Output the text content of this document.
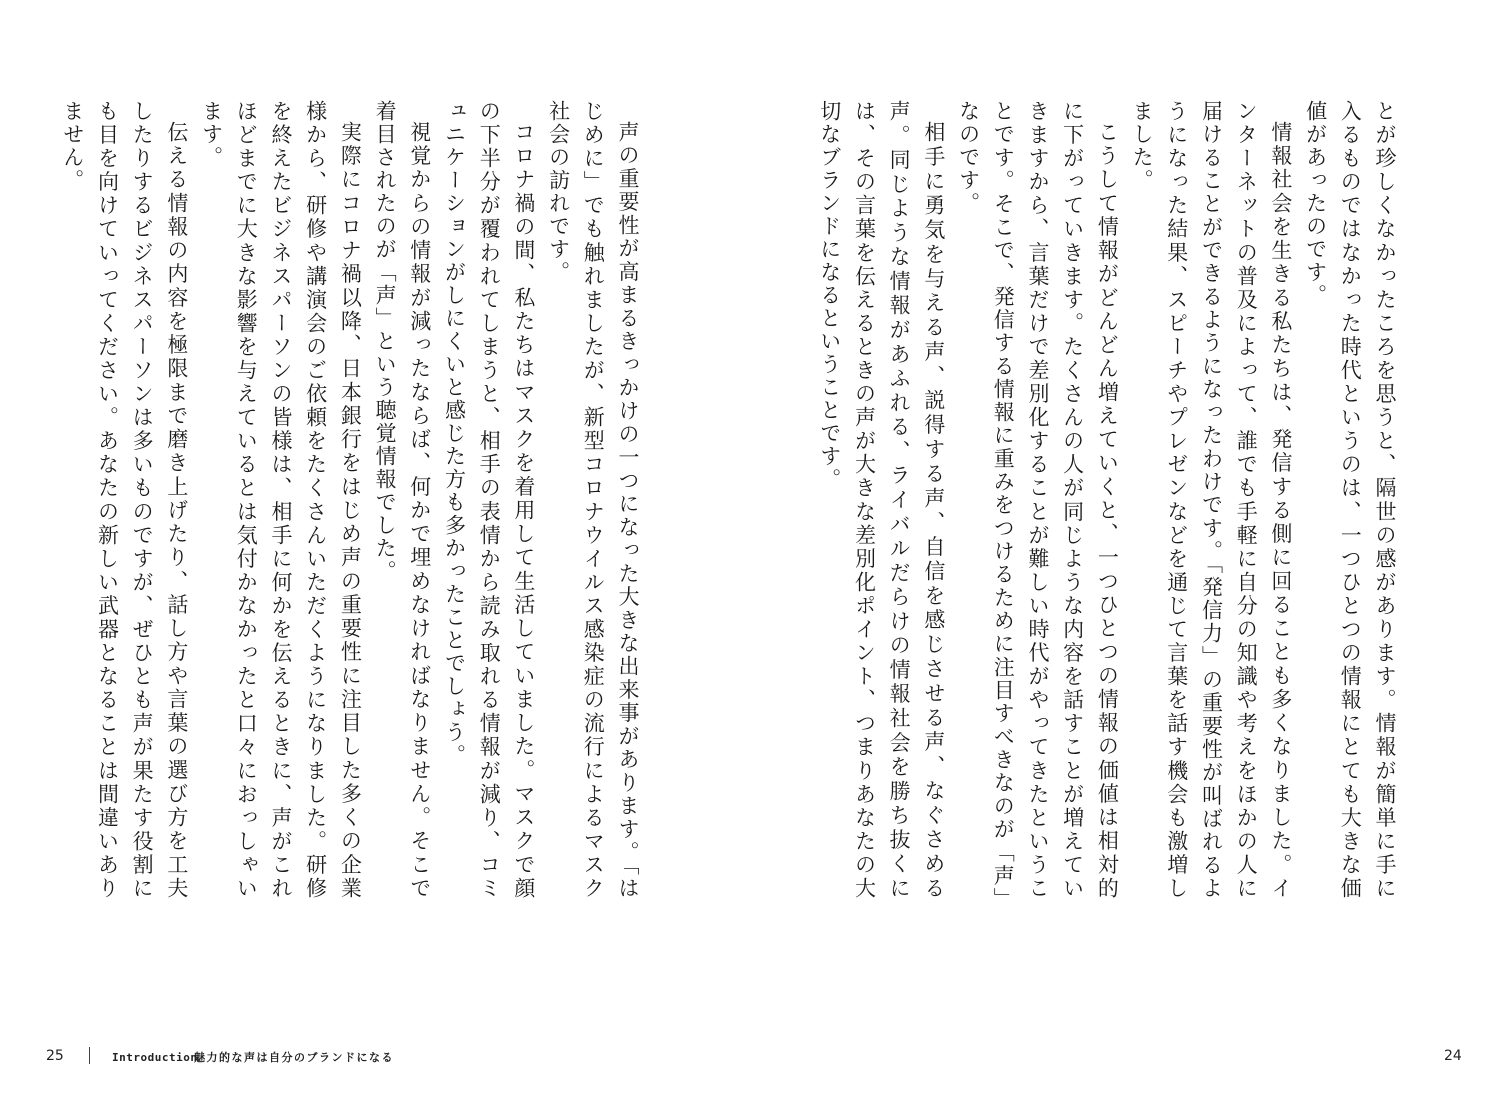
とが珍しくなかったころを思うと、隔世の感があります。情報が簡単に手に入るものではなかった時代というのは、一つひとつの情報にとても大きな価値があったのです。

情報社会を生きる私たちは、発信する側に回ることも多くなりました。インターネットの普及によって、誰でも手軽に自分の知識や考えをほかの人に届けることができるようになったわけです。「発信力」の重要性が叫ばれるようになった結果、スピーチやプレゼンなどを通じて言葉を話す機会も激増しました。

こうして情報がどんどん増えていくと、一つひとつの情報の価値は相対的に下がっていきます。たくさんの人が同じような内容を話すことが増えていきますから、言葉だけで差別化することが難しい時代がやってきたということです。そこで、発信する情報に重みをつけるために注目すべきなのが「声」なのです。

相手に勇気を与える声、説得する声、自信を感じさせる声、なぐさめる声。同じような情報があふれる、ライバルだらけの情報社会を勝ち抜くには、その言葉を伝えるときの声が大きな差別化ポイント、つまりあなたの大切なブランドになるということです。

声の重要性が高まるきっかけの一つになった大きな出来事があります。「はじめに」でも触れましたが、新型コロナウイルス感染症の流行によるマスク社会の訪れです。

コロナ禍の間、私たちはマスクを着用して生活していました。マスクで顔の下半分が覆われてしまうと、相手の表情から読み取れる情報が減り、コミュニケーションがしにくいと感じた方も多かったことでしょう。

視覚からの情報が減ったならば、何かで埋めなければなりません。そこで着目されたのが「声」という聴覚情報でした。

実際にコロナ禍以降、日本銀行をはじめ声の重要性に注目した多くの企業様から、研修や講演会のご依頼をたくさんいただくようになりました。研修を終えたビジネスパーソンの皆様は、相手に何かを伝えるときに、声がこれほどまでに大きな影響を与えているとは気付かなかったと口々におっしゃいます。

伝える情報の内容を極限まで磨き上げたり、話し方や言葉の選び方を工夫したりするビジネスパーソンは多いものですが、ぜひとも声が果たす役割にも目を向けていってください。あなたの新しい武器となることは間違いありません。

25	Introduction
魅力的な声は自分のブランドになる	24
